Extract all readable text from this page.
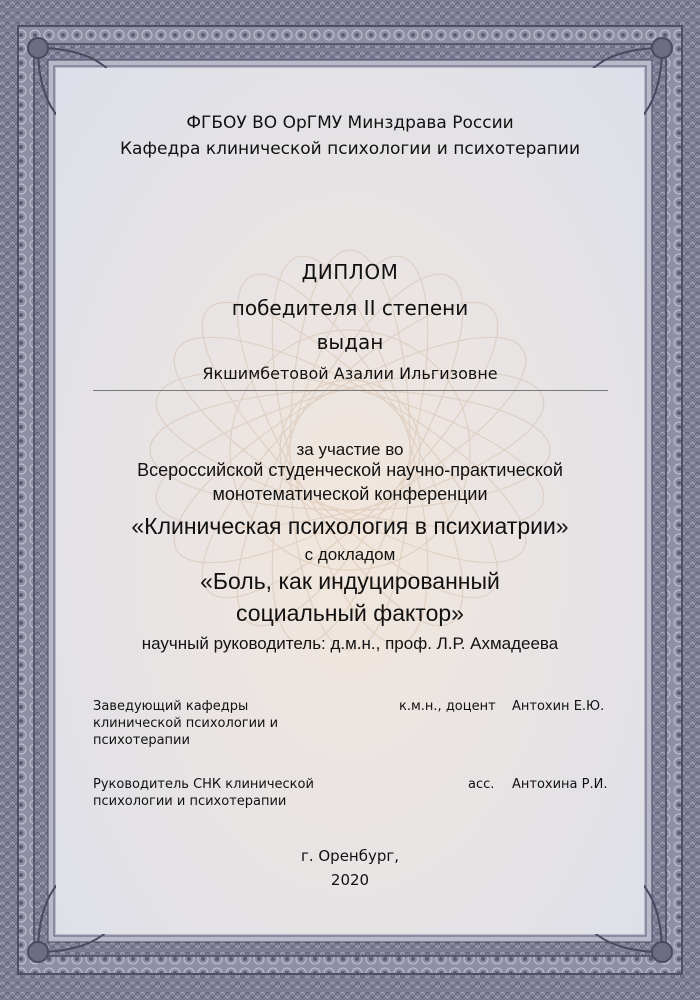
ФГБОУ ВО ОрГМУ Минздрава России
Кафедра клинической психологии и психотерапии
ДИПЛОМ
победителя II степени
выдан
Якшимбетовой Азалии Ильгизовне
за участие во
Всероссийской студенческой научно-практической
монотематической конференции
«Клиническая психология в психиатрии»
с докладом
«Боль, как индуцированный
социальный фактор»
научный руководитель: д.м.н., проф. Л.Р. Ахмадеева
Заведующий кафедры
клинической психологии и
психотерапии
к.м.н., доцент Антохин Е.Ю.
Руководитель СНК клинической
психологии и психотерапии
асс. Антохина Р.И.
г. Оренбург,
2020
